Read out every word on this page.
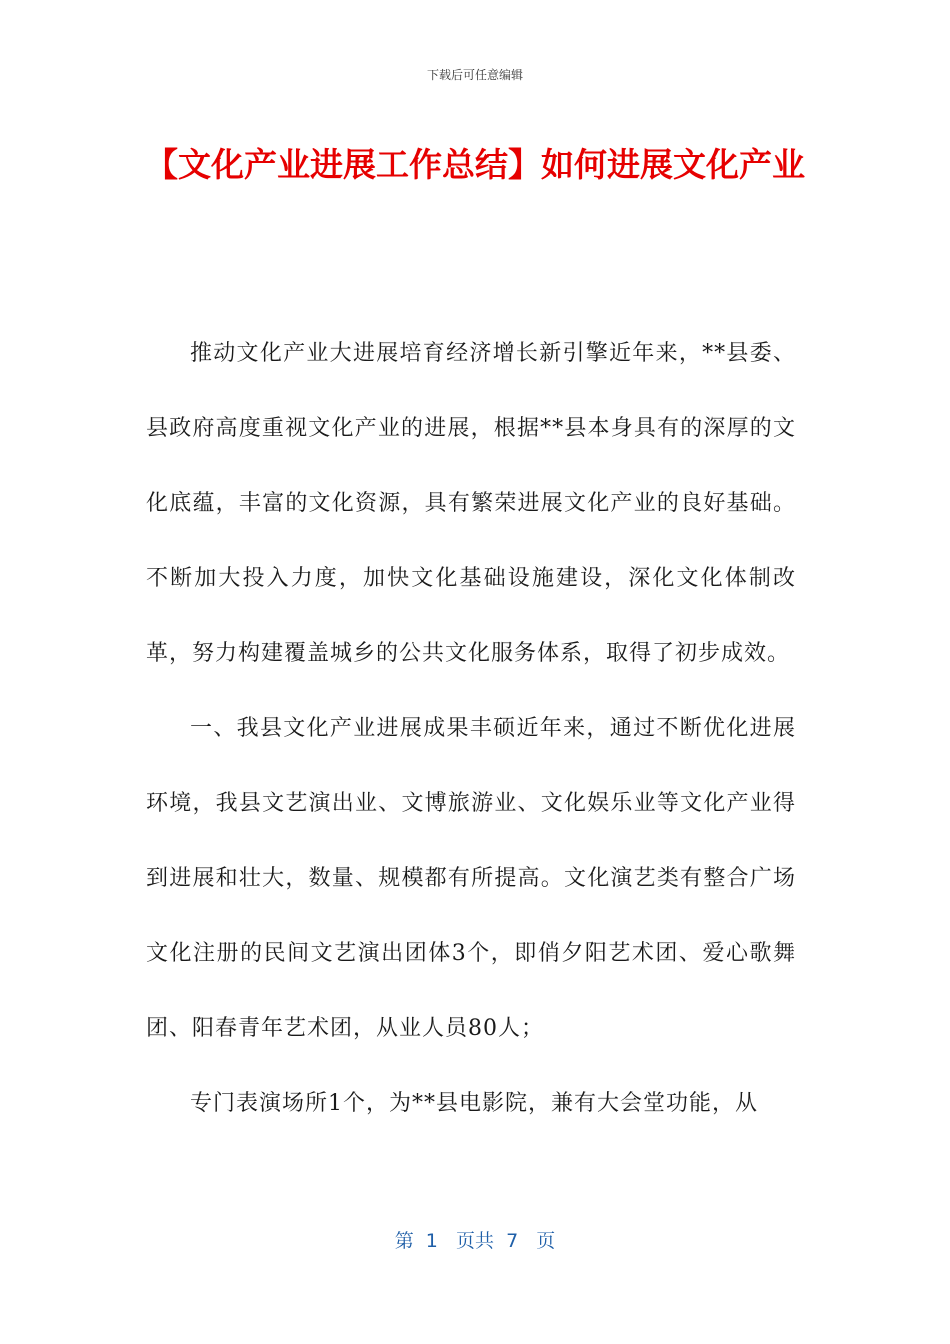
下载后可任意编辑
【文化产业进展工作总结】如何进展文化产业

推动文化产业大进展培育经济增长新引擎近年来，**县委、县政府高度重视文化产业的进展，根据**县本身具有的深厚的文化底蕴，丰富的文化资源，具有繁荣进展文化产业的良好基础。不断加大投入力度，加快文化基础设施建设，深化文化体制改革，努力构建覆盖城乡的公共文化服务体系，取得了初步成效。

一、我县文化产业进展成果丰硕近年来，通过不断优化进展环境，我县文艺演出业、文博旅游业、文化娱乐业等文化产业得到进展和壮大，数量、规模都有所提高。文化演艺类有整合广场文化注册的民间文艺演出团体3个，即俏夕阳艺术团、爱心歌舞团、阳春青年艺术团，从业人员80人；

专门表演场所1个，为**县电影院，兼有大会堂功能，从

第  1   页共  7   页
